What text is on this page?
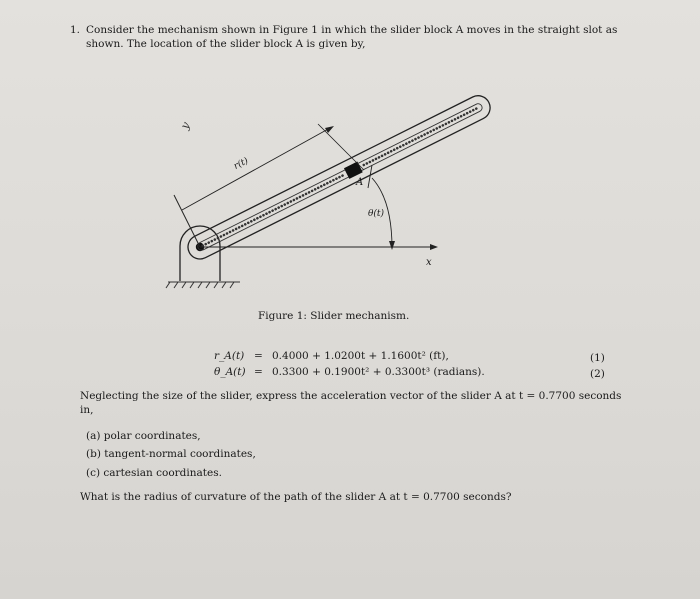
1. Consider the mechanism shown in Figure 1 in which the slider block A moves in the straight slot as
shown. The location of the slider block A is given by,
y
x
r(t)
θ(t)
A
Figure 1: Slider mechanism.
r_A(t) = 0.4000 + 1.0200t + 1.1600t² (ft),	(1)
θ_A(t) = 0.3300 + 0.1900t² + 0.3300t³ (radians).	(2)
Neglecting the size of the slider, express the acceleration vector of the slider A at t = 0.7700 seconds
in,
(a) polar coordinates,
(b) tangent-normal coordinates,
(c) cartesian coordinates.
What is the radius of curvature of the path of the slider A at t = 0.7700 seconds?
